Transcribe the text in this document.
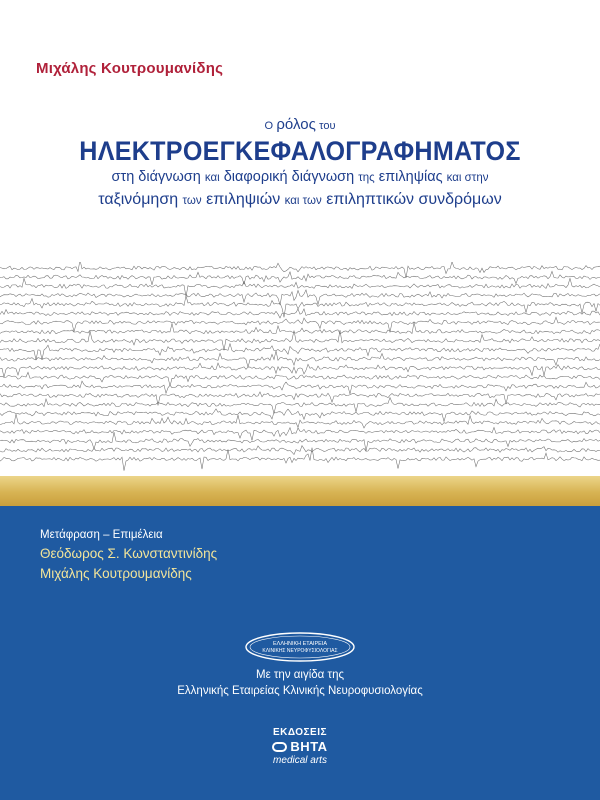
Μιχάλης Κουτρουμανίδης
Ο ρόλος του
ΗΛΕΚΤΡΟΕΓΚΕΦΑΛΟΓΡΑΦΗΜΑΤΟΣ
στη διάγνωση και διαφορική διάγνωση της επιληψίας και στην
ταξινόμηση των επιληψιών και των επιληπτικών συνδρόμων
Μετάφραση – Επιμέλεια
Θεόδωρος Σ. Κωνσταντινίδης
Μιχάλης Κουτρουμανίδης
ΕΛΛΗΝΙΚΗ ΕΤΑΙΡΕΙΑ
ΚΛΙΝΙΚΗΣ ΝΕΥΡΟΦΥΣΙΟΛΟΓΙΑΣ
Με την αιγίδα της
Ελληνικής Εταιρείας Κλινικής Νευροφυσιολογίας
ΕΚΔΟΣΕΙΣ
ΒΗΤΑ
medical arts
